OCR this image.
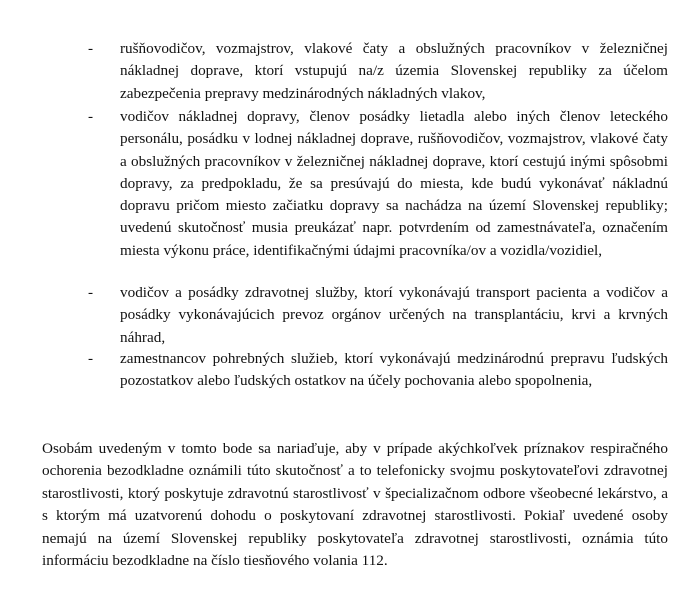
-	rušňovodičov, vozmajstrov, vlakové čaty a obslužných pracovníkov v železničnej nákladnej doprave, ktorí vstupujú na/z územia Slovenskej republiky za účelom zabezpečenia prepravy medzinárodných nákladných vlakov,
-	vodičov nákladnej dopravy, členov posádky lietadla alebo iných členov leteckého personálu, posádku v lodnej nákladnej doprave, rušňovodičov, vozmajstrov, vlakové čaty a obslužných pracovníkov v železničnej nákladnej doprave, ktorí cestujú inými spôsobmi dopravy, za predpokladu, že sa presúvajú do miesta, kde budú vykonávať nákladnú dopravu pričom miesto začiatku dopravy sa nachádza na území Slovenskej republiky; uvedenú skutočnosť musia preukázať napr. potvrdením od zamestnávateľa, označením miesta výkonu práce, identifikačnými údajmi pracovníka/ov a vozidla/vozidiel,
-	vodičov a posádky zdravotnej služby, ktorí vykonávajú transport pacienta a vodičov a posádky vykonávajúcich prevoz orgánov určených na transplantáciu, krvi a krvných náhrad,
-	zamestnancov pohrebných služieb, ktorí vykonávajú medzinárodnú prepravu ľudských pozostatkov alebo ľudských ostatkov na účely pochovania alebo spopolnenia,

Osobám uvedeným v tomto bode sa nariaďuje, aby v prípade akýchkoľvek príznakov respiračného ochorenia bezodkladne oznámili túto skutočnosť a to telefonicky svojmu poskytovateľovi zdravotnej starostlivosti, ktorý poskytuje zdravotnú starostlivosť v špecializačnom odbore všeobecné lekárstvo, a s ktorým má uzatvorenú dohodu o poskytovaní zdravotnej starostlivosti. Pokiaľ uvedené osoby nemajú na území Slovenskej republiky poskytovateľa zdravotnej starostlivosti, oznámia túto informáciu bezodkladne na číslo tiesňového volania 112.
